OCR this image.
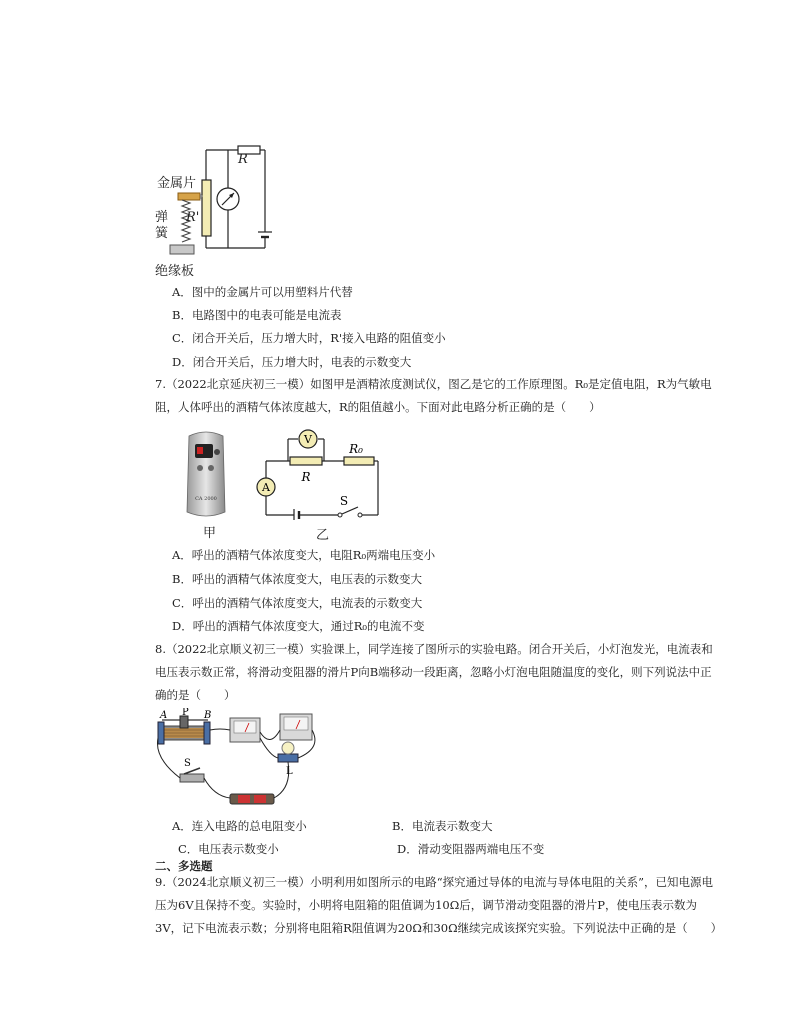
金属片
弹
簧
R
R'
绝缘板
A．图中的金属片可以用塑料片代替
B．电路图中的电表可能是电流表
C．闭合开关后，压力增大时，R'接入电路的阻值变小
D．闭合开关后，压力增大时，电表的示数变大
7.（2022北京延庆初三一模）如图甲是酒精浓度测试仪，图乙是它的工作原理图。R₀是定值电阻，R为气敏电阻，人体呼出的酒精气体浓度越大，R的阻值越小。下面对此电路分析正确的是（　　）
CA 2000
甲
V
R
R₀
A
S
乙
A．呼出的酒精气体浓度变大，电阻R₀两端电压变小
B．呼出的酒精气体浓度变大，电压表的示数变大
C．呼出的酒精气体浓度变大，电流表的示数变大
D．呼出的酒精气体浓度变大，通过R₀的电流不变
8.（2022北京顺义初三一模）实验课上，同学连接了图所示的实验电路。闭合开关后，小灯泡发光，电流表和电压表示数正常，将滑动变阻器的滑片P向B端移动一段距离，忽略小灯泡电阻随温度的变化，则下列说法中正确的是（　　）
A P B
S
L
A．连入电路的总电阻变小	B．电流表示数变大
C．电压表示数变小	D．滑动变阻器两端电压不变
二、多选题
9.（2024北京顺义初三一模）小明利用如图所示的电路“探究通过导体的电流与导体电阻的关系”，已知电源电压为6V且保持不变。实验时，小明将电阻箱的阻值调为10Ω后，调节滑动变阻器的滑片P，使电压表示数为3V，记下电流表示数；分别将电阻箱R阻值调为20Ω和30Ω继续完成该探究实验。下列说法中正确的是（　　）
